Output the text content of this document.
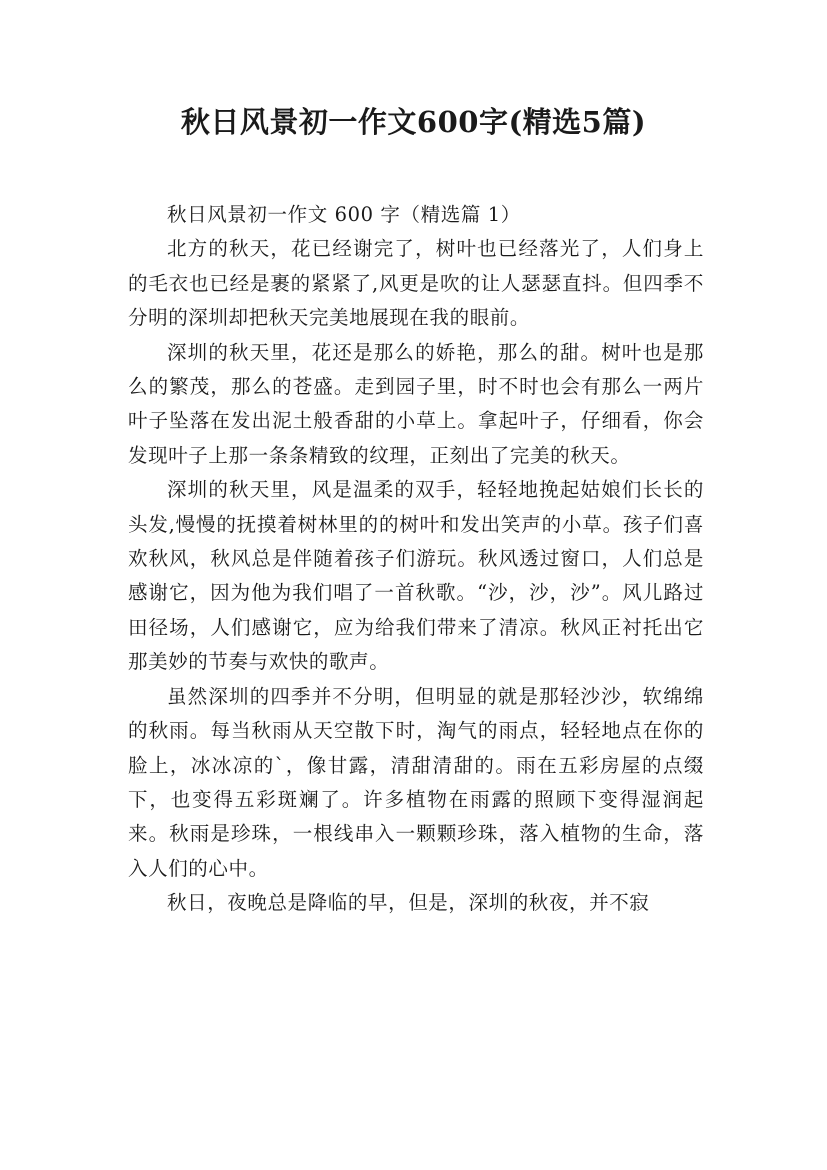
秋日风景初一作文600字(精选5篇)

秋日风景初一作文 600 字（精选篇 1）

北方的秋天，花已经谢完了，树叶也已经落光了，人们身上的毛衣也已经是裹的紧紧了,风更是吹的让人瑟瑟直抖。但四季不分明的深圳却把秋天完美地展现在我的眼前。

深圳的秋天里，花还是那么的娇艳，那么的甜。树叶也是那么的繁茂，那么的苍盛。走到园子里，时不时也会有那么一两片叶子坠落在发出泥土般香甜的小草上。拿起叶子，仔细看，你会发现叶子上那一条条精致的纹理，正刻出了完美的秋天。

深圳的秋天里，风是温柔的双手，轻轻地挽起姑娘们长长的头发,慢慢的抚摸着树林里的的树叶和发出笑声的小草。孩子们喜欢秋风，秋风总是伴随着孩子们游玩。秋风透过窗口，人们总是感谢它，因为他为我们唱了一首秋歌。“沙，沙，沙”。风儿路过田径场，人们感谢它，应为给我们带来了清凉。秋风正衬托出它那美妙的节奏与欢快的歌声。

虽然深圳的四季并不分明，但明显的就是那轻沙沙，软绵绵的秋雨。每当秋雨从天空散下时，淘气的雨点，轻轻地点在你的脸上，冰冰凉的`，像甘露，清甜清甜的。雨在五彩房屋的点缀下，也变得五彩斑斓了。许多植物在雨露的照顾下变得湿润起来。秋雨是珍珠，一根线串入一颗颗珍珠，落入植物的生命，落入人们的心中。

秋日，夜晚总是降临的早，但是，深圳的秋夜，并不寂
